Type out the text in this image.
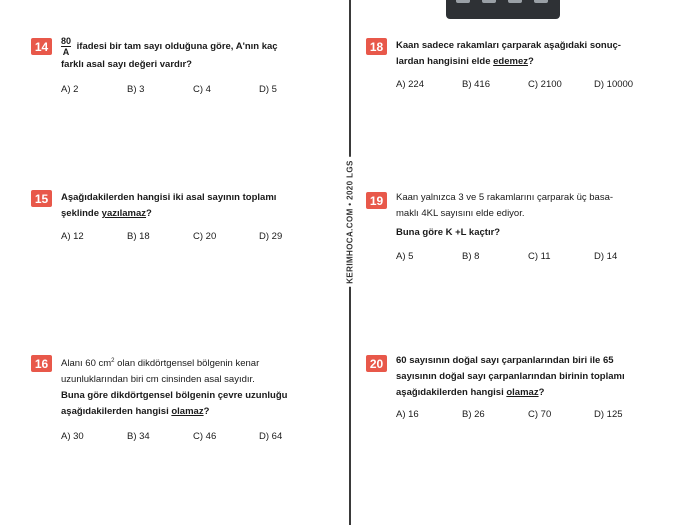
KERIMHOCA.COM • 2020 LGS
14	$\frac{80}{A}$ ifadesi bir tam sayı olduğuna göre, A'nın kaç
farklı asal sayı değeri vardır?
A) 2	B) 3	C) 4	D) 5
15	Aşağıdakilerden hangisi iki asal sayının toplamı
şeklinde yazılamaz?
A) 12	B) 18	C) 20	D) 29
16	Alanı 60 $cm^2$ olan dikdörtgensel bölgenin kenar
uzunluklarından biri cm cinsinden asal sayıdır.
Buna göre dikdörtgensel bölgenin çevre uzunluğu
aşağıdakilerden hangisi olamaz?
A) 30	B) 34	C) 46	D) 64
18	Kaan sadece rakamları çarparak aşağıdaki sonuç-
lardan hangisini elde edemez?
A) 224	B) 416	C) 2100	D) 10000
19	Kaan yalnızca 3 ve 5 rakamlarını çarparak üç basa-
maklı 4KL sayısını elde ediyor.
Buna göre K +L kaçtır?
A) 5	B) 8	C) 11	D) 14
20	60 sayısının doğal sayı çarpanlarından biri ile 65
sayısının doğal sayı çarpanlarından birinin toplamı
aşağıdakilerden hangisi olamaz?
A) 16	B) 26	C) 70	D) 125
